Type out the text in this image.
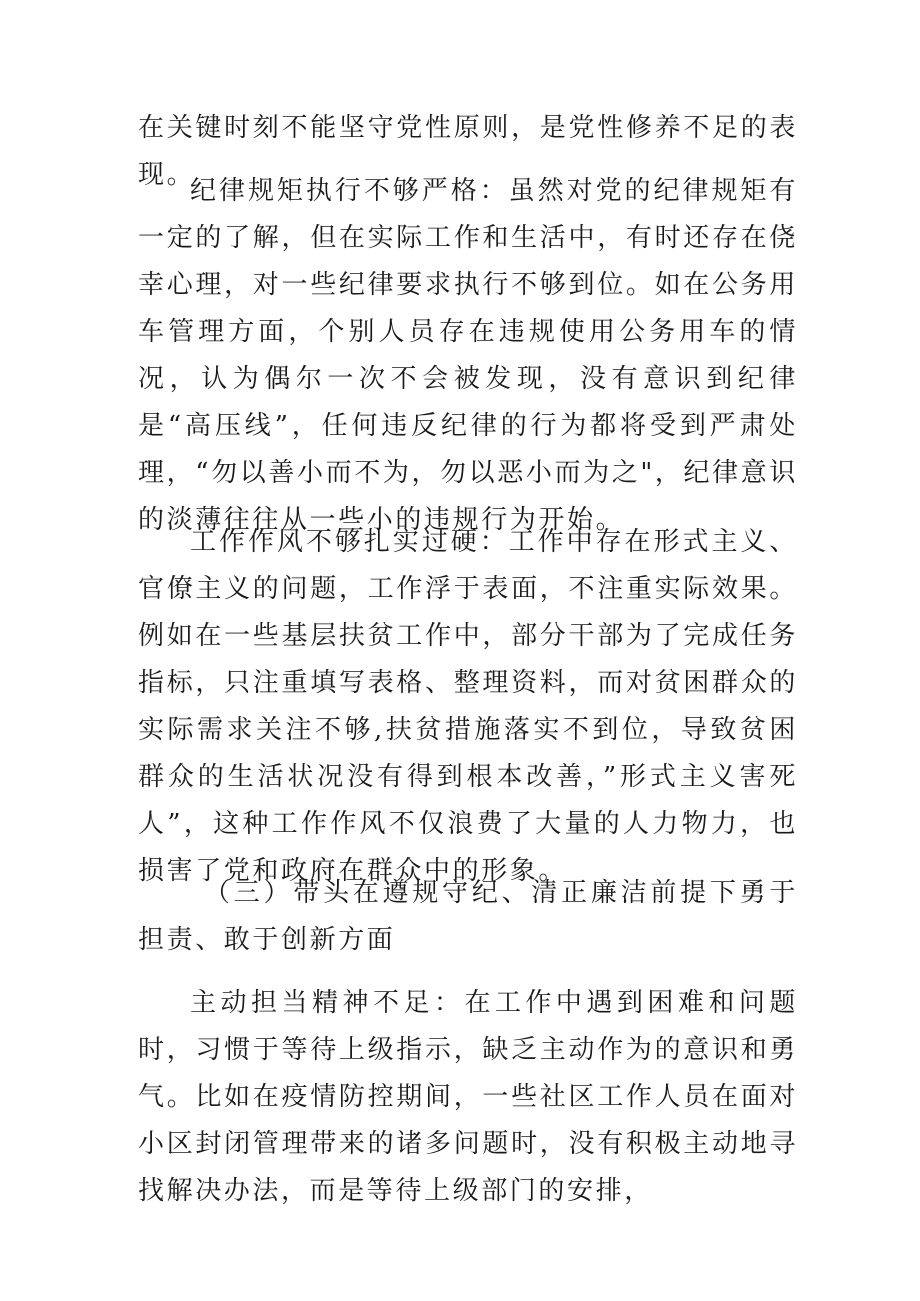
在关键时刻不能坚守党性原则，是党性修养不足的表现。

纪律规矩执行不够严格：虽然对党的纪律规矩有一定的了解，但在实际工作和生活中，有时还存在侥幸心理，对一些纪律要求执行不够到位。如在公务用车管理方面，个别人员存在违规使用公务用车的情况，认为偶尔一次不会被发现，没有意识到纪律是“高压线”，任何违反纪律的行为都将受到严肃处理，“勿以善小而不为，勿以恶小而为之"，纪律意识的淡薄往往从一些小的违规行为开始。

工作作风不够扎实过硬：工作中存在形式主义、官僚主义的问题，工作浮于表面，不注重实际效果。例如在一些基层扶贫工作中，部分干部为了完成任务指标，只注重填写表格、整理资料，而对贫困群众的实际需求关注不够,扶贫措施落实不到位，导致贫困群众的生活状况没有得到根本改善，”形式主义害死人”，这种工作作风不仅浪费了大量的人力物力，也损害了党和政府在群众中的形象。

（三）带头在遵规守纪、清正廉洁前提下勇于担责、敢于创新方面

主动担当精神不足：在工作中遇到困难和问题时，习惯于等待上级指示，缺乏主动作为的意识和勇气。比如在疫情防控期间，一些社区工作人员在面对小区封闭管理带来的诸多问题时，没有积极主动地寻找解决办法，而是等待上级部门的安排，
